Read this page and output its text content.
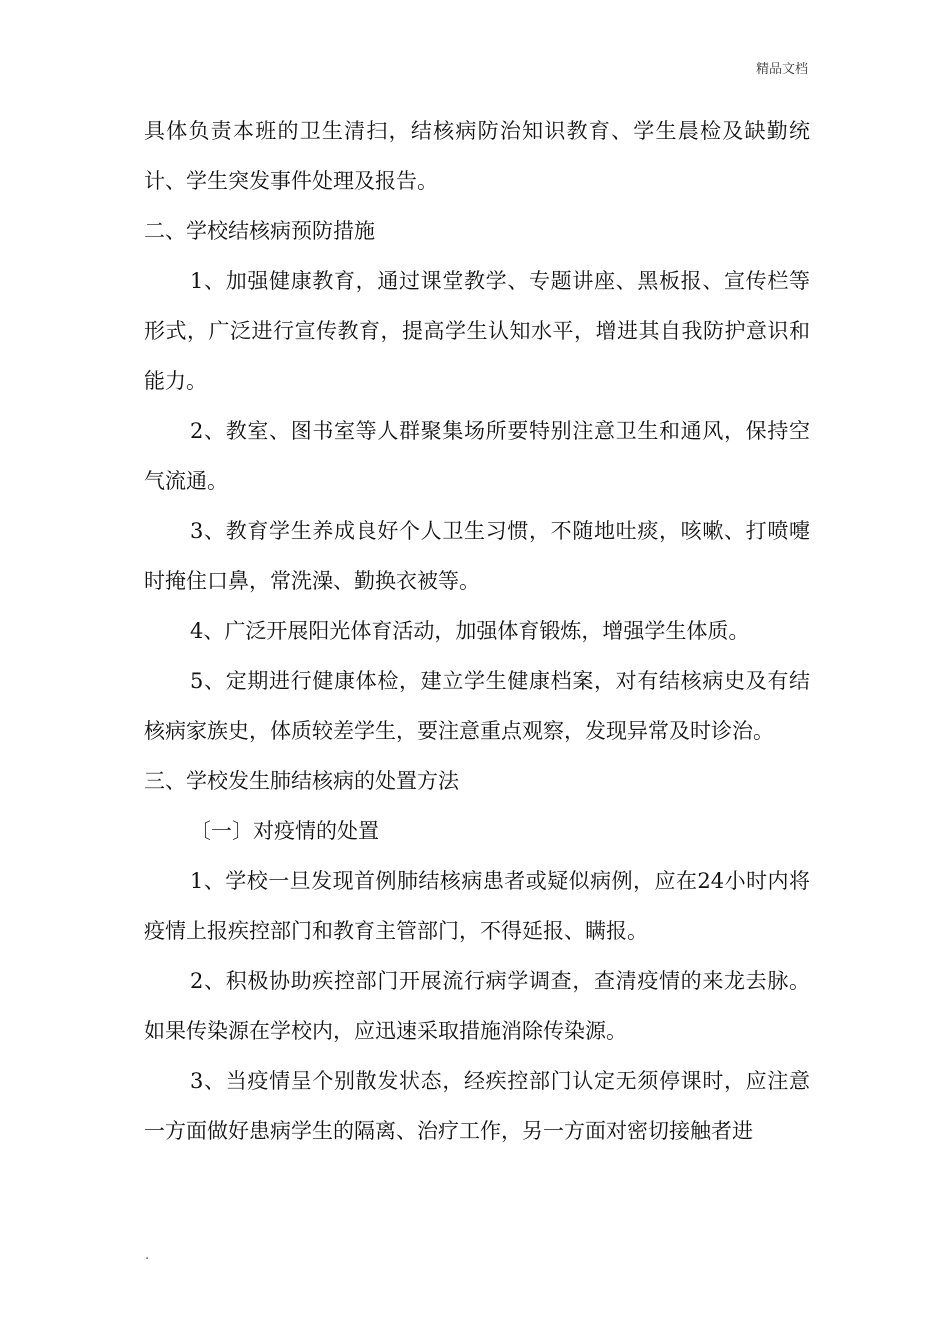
精品文档

具体负责本班的卫生清扫，结核病防治知识教育、学生晨检及缺勤统计、学生突发事件处理及报告。

二、学校结核病预防措施

1、加强健康教育，通过课堂教学、专题讲座、黑板报、宣传栏等形式，广泛进行宣传教育，提高学生认知水平，增进其自我防护意识和能力。

2、教室、图书室等人群聚集场所要特别注意卫生和通风，保持空气流通。

3、教育学生养成良好个人卫生习惯，不随地吐痰，咳嗽、打喷嚏时掩住口鼻，常洗澡、勤换衣被等。

4、广泛开展阳光体育活动，加强体育锻炼，增强学生体质。

5、定期进行健康体检，建立学生健康档案，对有结核病史及有结核病家族史，体质较差学生，要注意重点观察，发现异常及时诊治。

三、学校发生肺结核病的处置方法

〔一〕对疫情的处置

1、学校一旦发现首例肺结核病患者或疑似病例，应在24小时内将疫情上报疾控部门和教育主管部门，不得延报、瞒报。

2、积极协助疾控部门开展流行病学调查，查清疫情的来龙去脉。如果传染源在学校内，应迅速采取措施消除传染源。

3、当疫情呈个别散发状态，经疾控部门认定无须停课时，应注意一方面做好患病学生的隔离、治疗工作，另一方面对密切接触者进

.
